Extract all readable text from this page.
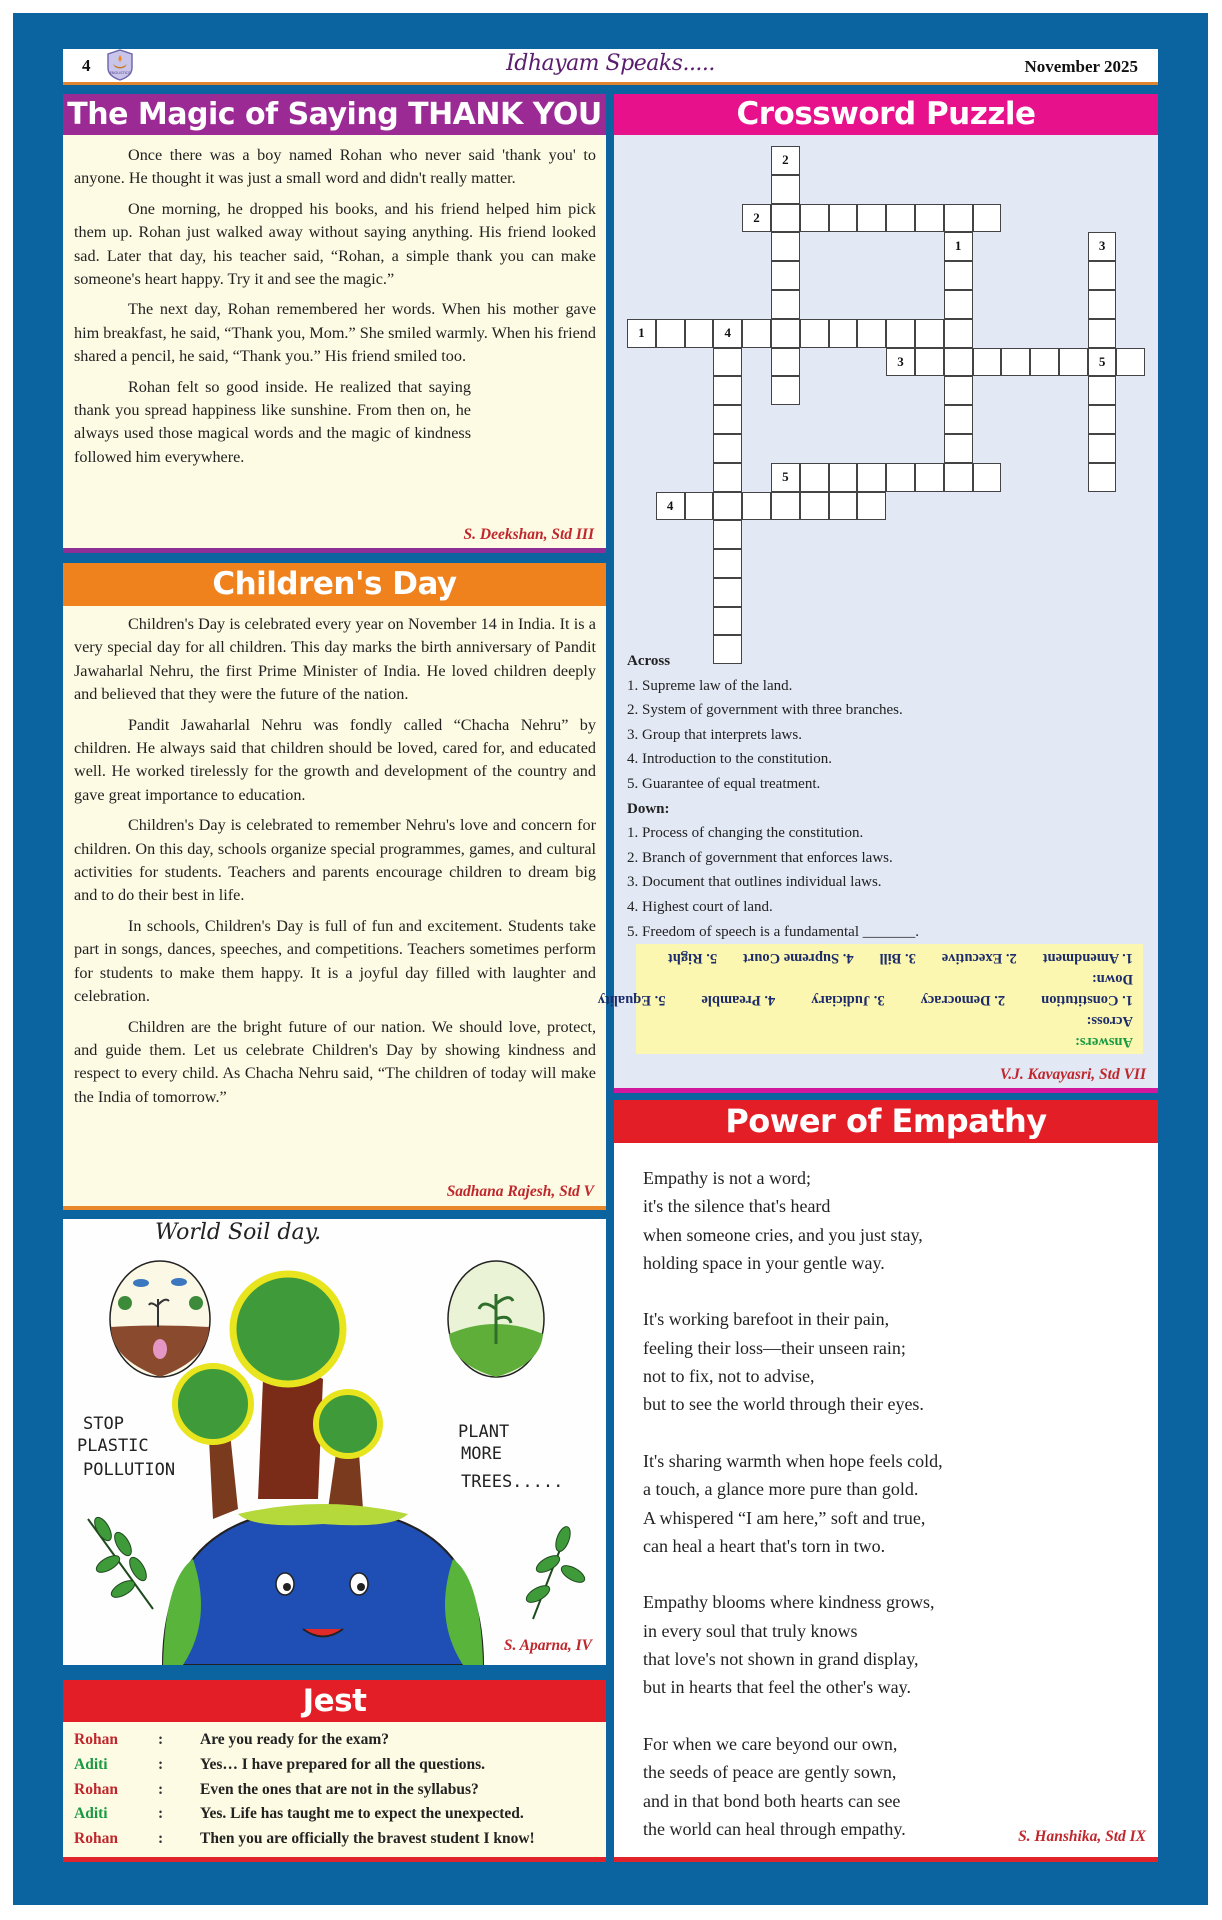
4	ENGLISTICS	Idhayam Speaks.....	November 2025
The Magic of Saying THANK YOU

Once there was a boy named Rohan who never said 'thank you' to anyone. He thought it was just a small word and didn't really matter.

One morning, he dropped his books, and his friend helped him pick them up. Rohan just walked away without saying anything. His friend looked sad. Later that day, his teacher said, “Rohan, a simple thank you can make someone's heart happy. Try it and see the magic.”

The next day, Rohan remembered her words. When his mother gave him breakfast, he said, “Thank you, Mom.” She smiled warmly. When his friend shared a pencil, he said, “Thank you.” His friend smiled too.

Rohan felt so good inside. He realized that saying thank you spread happiness like sunshine. From then on, he always used those magical words and the magic of kindness followed him everywhere.

S. Deekshan, Std III
Children's Day

Children's Day is celebrated every year on November 14 in India. It is a very special day for all children. This day marks the birth anniversary of Pandit Jawaharlal Nehru, the first Prime Minister of India. He loved children deeply and believed that they were the future of the nation.

Pandit Jawaharlal Nehru was fondly called “Chacha Nehru” by children. He always said that children should be loved, cared for, and educated well. He worked tirelessly for the growth and development of the country and gave great importance to education.

Children's Day is celebrated to remember Nehru's love and concern for children. On this day, schools organize special programmes, games, and cultural activities for students. Teachers and parents encourage children to dream big and to do their best in life.

In schools, Children's Day is full of fun and excitement. Students take part in songs, dances, speeches, and competitions. Teachers sometimes perform for students to make them happy. It is a joyful day filled with laughter and celebration.

Children are the bright future of our nation. We should love, protect, and guide them. Let us celebrate Children's Day by showing kindness and respect to every child. As Chacha Nehru said, “The children of today will make the India of tomorrow.”

Sadhana Rajesh, Std V
World Soil day.
STOP
PLASTIC
POLLUTION
PLANT
MORE
TREES.....
S. Aparna, IV
Jest
Rohan	: Are you ready for the exam?
Aditi	: Yes… I have prepared for all the questions.
Rohan	: Even the ones that are not in the syllabus?
Aditi	: Yes. Life has taught me to expect the unexpected.
Rohan	: Then you are officially the bravest student I know!
Crossword Puzzle
2
2
1	3
5
1	4
3
5
4
Across
1. Supreme law of the land.
2. System of government with three branches.
3. Group that interprets laws.
4. Introduction to the constitution.
5. Guarantee of equal treatment.
Down:
1. Process of changing the constitution.
2. Branch of government that enforces laws.
3. Document that outlines individual laws.
4. Highest court of land.
5. Freedom of speech is a fundamental _______.
Answers:
Across:
1. Constitution2. Democracy3. Judiciary4. Preamble5. Equality
Down:
1. Amendment2. Executive3. Bill4. Supreme Court5. Right
V.J. Kavayasri, Std VII
Power of Empathy
Empathy is not a word;
it's the silence that's heard
when someone cries, and you just stay,
holding space in your gentle way.
It's working barefoot in their pain,
feeling their loss—their unseen rain;
not to fix, not to advise,
but to see the world through their eyes.
It's sharing warmth when hope feels cold,
a touch, a glance more pure than gold.
A whispered “I am here,” soft and true,
can heal a heart that's torn in two.
Empathy blooms where kindness grows,
in every soul that truly knows
that love's not shown in grand display,
but in hearts that feel the other's way.
For when we care beyond our own,
the seeds of peace are gently sown,
and in that bond both hearts can see
the world can heal through empathy.	S. Hanshika, Std IX
